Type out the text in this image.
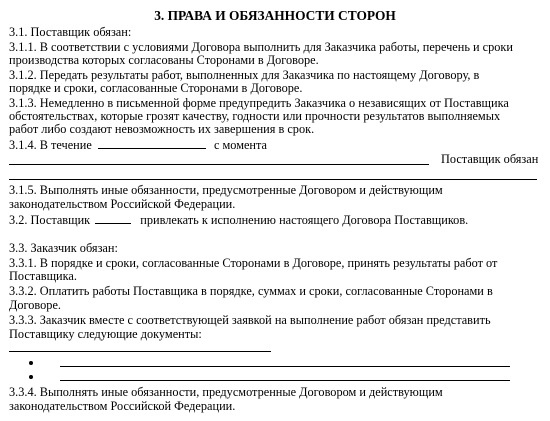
3. ПРАВА И ОБЯЗАННОСТИ СТОРОН
3.1. Поставщик обязан:
3.1.1. В соответствии с условиями Договора выполнить для Заказчика работы, перечень и сроки
производства которых согласованы Сторонами в Договоре.
3.1.2. Передать результаты работ, выполненных для Заказчика по настоящему Договору, в
порядке и сроки, согласованные Сторонами в Договоре.
3.1.3. Немедленно в письменной форме предупредить Заказчика о независящих от Поставщика
обстоятельствах, которые грозят качеству, годности или прочности результатов выполняемых
работ либо создают невозможность их завершения в срок.
3.1.4. В течение	с момента
Поставщик обязан
3.1.5. Выполнять иные обязанности, предусмотренные Договором и действующим
законодательством Российской Федерации.
3.2. Поставщик	привлекать к исполнению настоящего Договора Поставщиков.
3.3. Заказчик обязан:
3.3.1. В порядке и сроки, согласованные Сторонами в Договоре, принять результаты работ от
Поставщика.
3.3.2. Оплатить работы Поставщика в порядке, суммах и сроки, согласованные Сторонами в
Договоре.
3.3.3. Заказчик вместе с соответствующей заявкой на выполнение работ обязан представить
Поставщику следующие документы:
3.3.4. Выполнять иные обязанности, предусмотренные Договором и действующим
законодательством Российской Федерации.
